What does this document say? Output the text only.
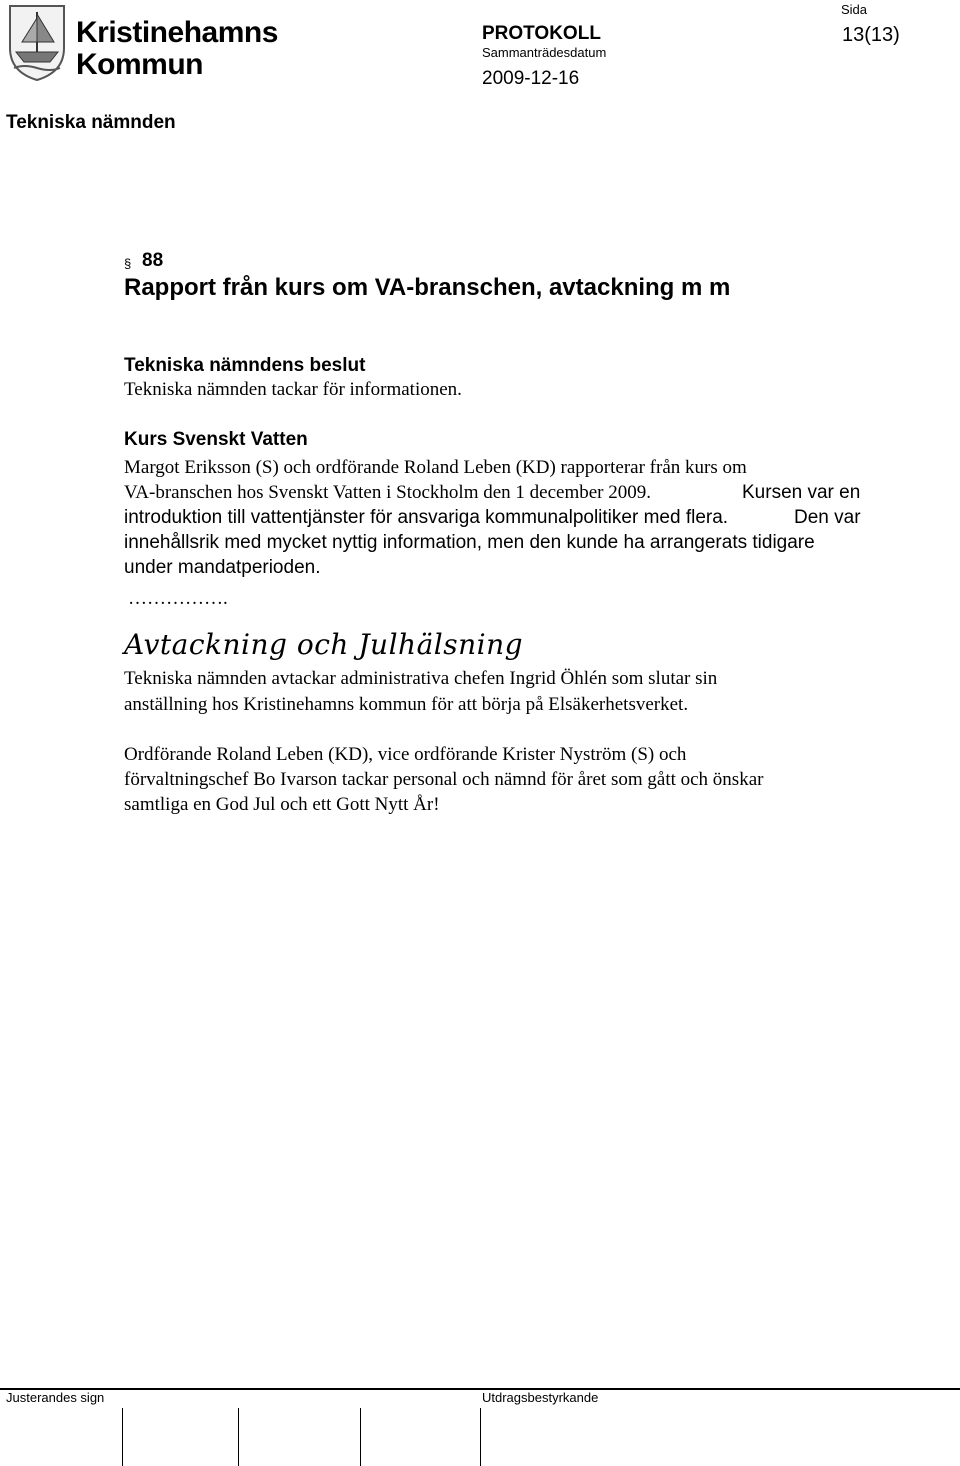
Kristinehamns
Kommun
PROTOKOLL
Sammanträdesdatum
2009-12-16
Sida
13(13)
Tekniska nämnden
§ 88
Rapport från kurs om VA-branschen, avtackning m m
Tekniska nämndens beslut
Tekniska nämnden tackar för informationen.
Kurs Svenskt Vatten
Margot Eriksson (S) och ordförande Roland Leben (KD) rapporterar från kurs om
VA-branschen hos Svenskt Vatten i Stockholm den 1 december 2009.	Kursen var en
introduktion till vattentjänster för ansvariga kommunalpolitiker med flera.	Den var
innehållsrik med mycket nyttig information, men den kunde ha arrangerats tidigare
under mandatperioden.
…………….
Avtackning och Julhälsning
Tekniska nämnden avtackar administrativa chefen Ingrid Öhlén som slutar sin
anställning hos Kristinehamns kommun för att börja på Elsäkerhetsverket.
Ordförande Roland Leben (KD), vice ordförande Krister Nyström (S) och
förvaltningschef Bo Ivarson tackar personal och nämnd för året som gått och önskar
samtliga en God Jul och ett Gott Nytt År!
Justerandes sign	Utdragsbestyrkande
